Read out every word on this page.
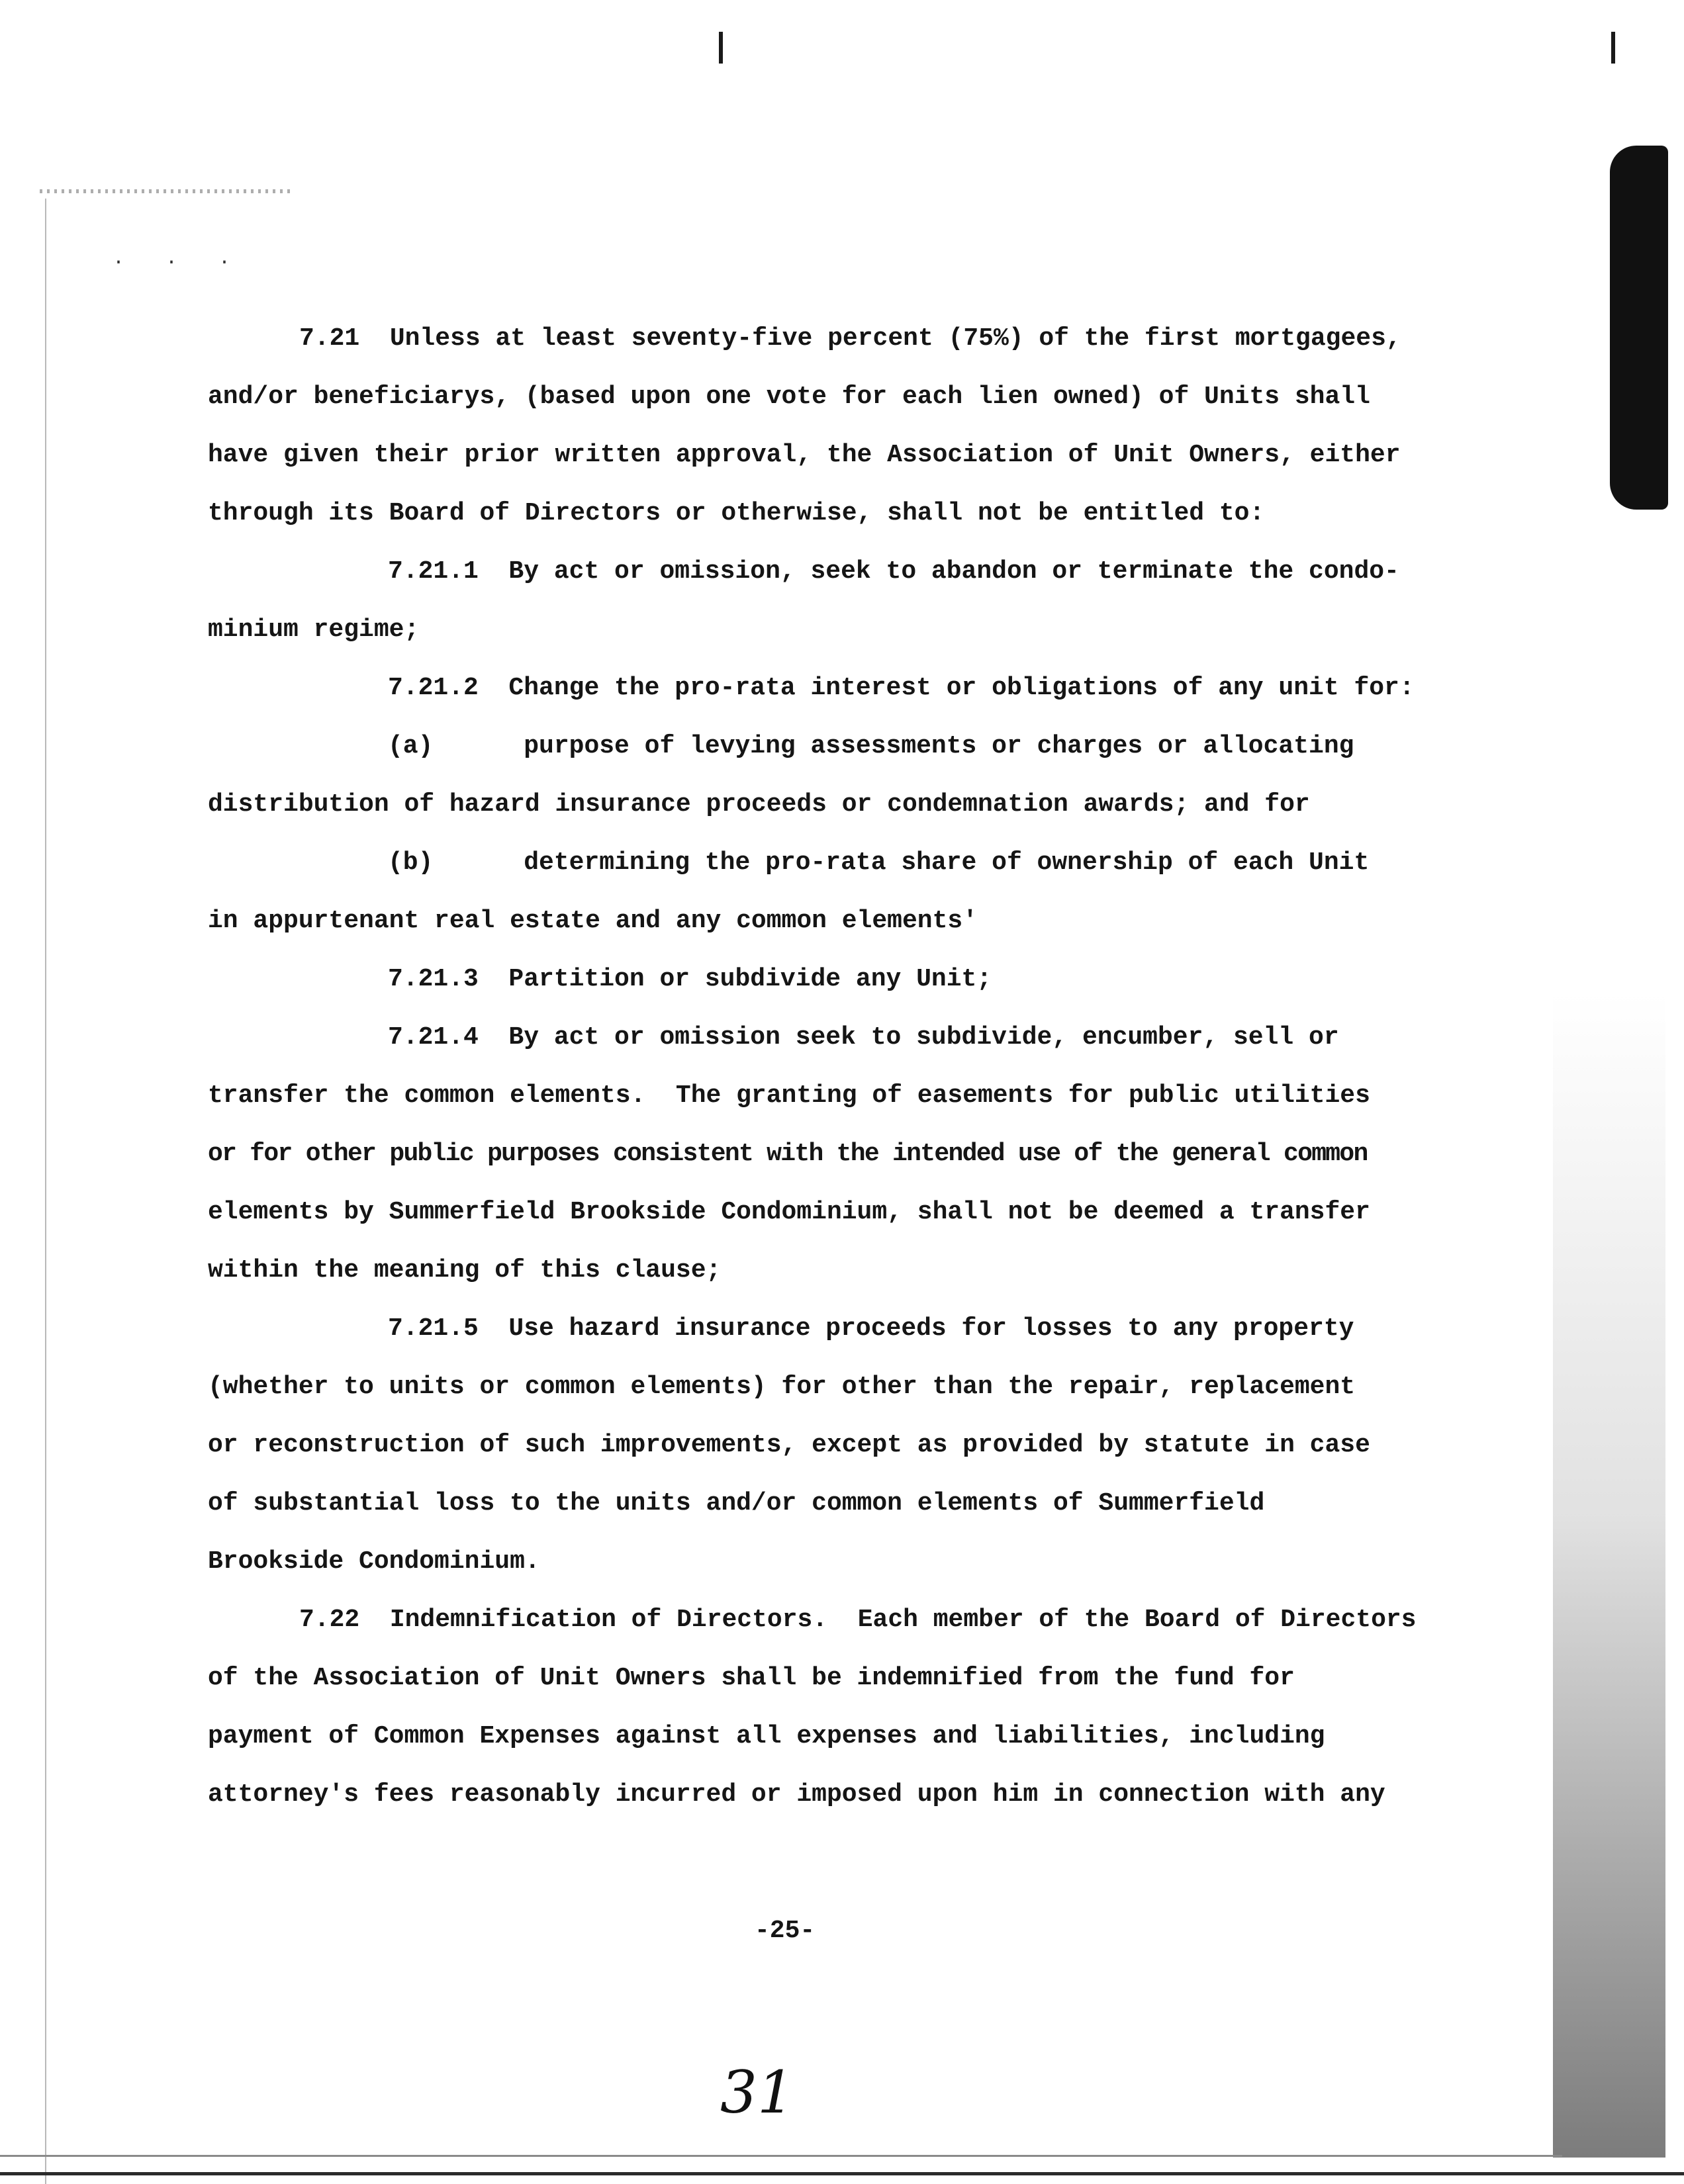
. . .
7.21  Unless at least seventy-five percent (75%) of the first mortgagees,
and/or beneficiarys, (based upon one vote for each lien owned) of Units shall
have given their prior written approval, the Association of Unit Owners, either
through its Board of Directors or otherwise, shall not be entitled to:
7.21.1  By act or omission, seek to abandon or terminate the condo-
minium regime;
7.21.2  Change the pro-rata interest or obligations of any unit for:
(a)      purpose of levying assessments or charges or allocating
distribution of hazard insurance proceeds or condemnation awards; and for
(b)      determining the pro-rata share of ownership of each Unit
in appurtenant real estate and any common elements'
7.21.3  Partition or subdivide any Unit;
7.21.4  By act or omission seek to subdivide, encumber, sell or
transfer the common elements.  The granting of easements for public utilities
or for other public purposes consistent with the intended use of the general common
elements by Summerfield Brookside Condominium, shall not be deemed a transfer
within the meaning of this clause;
7.21.5  Use hazard insurance proceeds for losses to any property
(whether to units or common elements) for other than the repair, replacement
or reconstruction of such improvements, except as provided by statute in case
of substantial loss to the units and/or common elements of Summerfield
Brookside Condominium.
7.22  Indemnification of Directors.  Each member of the Board of Directors
of the Association of Unit Owners shall be indemnified from the fund for
payment of Common Expenses against all expenses and liabilities, including
attorney's fees reasonably incurred or imposed upon him in connection with any
-25-
31
